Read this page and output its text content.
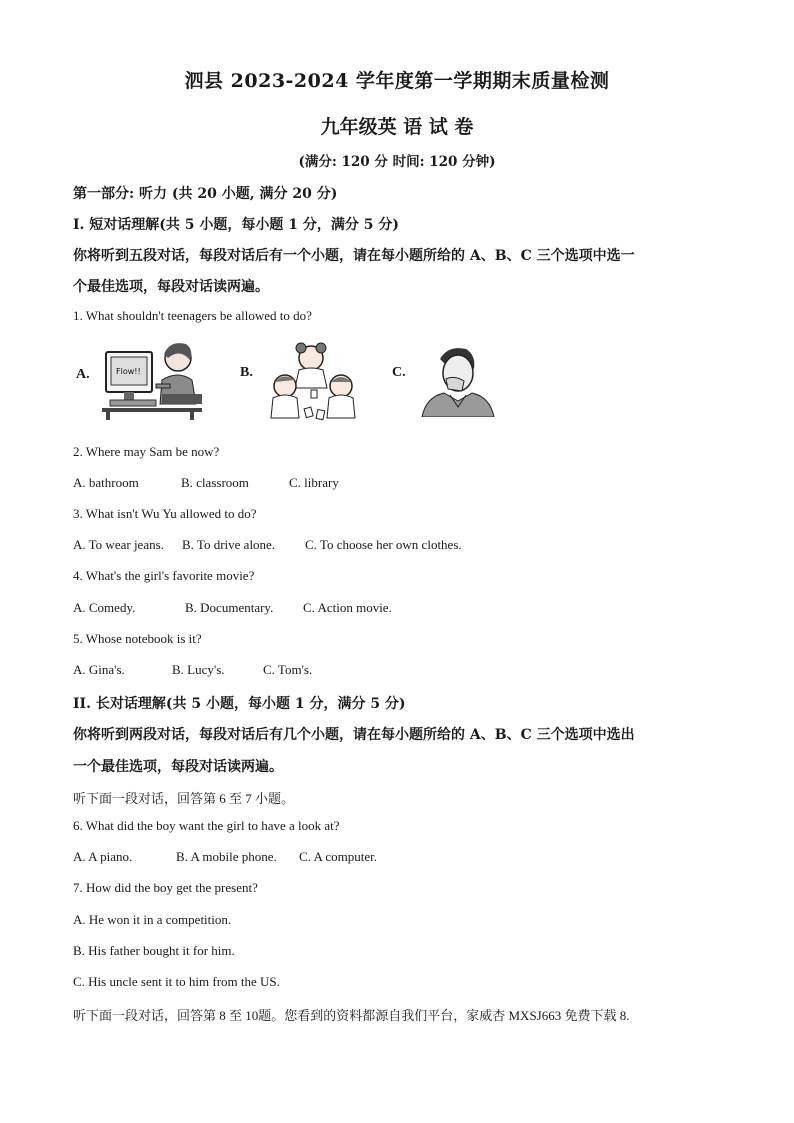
泗县 2023-2024 学年度第一学期期末质量检测
九年级英 语 试 卷
(满分: 120 分 时间: 120 分钟)
第一部分: 听力 (共 20 小题, 满分 20 分)
I. 短对话理解(共 5 小题，每小题 1 分，满分 5 分)
你将听到五段对话，每段对话后有一个小题，请在每小题所给的 A、B、C 三个选项中选一
个最佳选项，每段对话读两遍。
1. What shouldn't teenagers be allowed to do?
A.	Flow!!	B.	C.
2. Where may Sam be now?
A. bathroom	B. classroom	C. library
3. What isn't Wu Yu allowed to do?
A. To wear jeans. B. To drive alone. C. To choose her own clothes.
4. What's the girl's favorite movie?
A. Comedy.	B. Documentary. C. Action movie.
5. Whose notebook is it?
A. Gina's.	B. Lucy's.	C. Tom's.
II. 长对话理解(共 5 小题，每小题 1 分，满分 5 分)
你将听到两段对话，每段对话后有几个小题，请在每小题所给的 A、B、C 三个选项中选出
一个最佳选项，每段对话读两遍。
听下面一段对话，回答第 6 至 7 小题。
6. What did the boy want the girl to have a look at?
A. A piano.	B. A mobile phone. C. A computer.
7. How did the boy get the present?
A. He won it in a competition.
B. His father bought it for him.
C. His uncle sent it to him from the US.
听下面一段对话，回答第 8 至 10题。您看到的资料都源自我们平台，家威杏 MXSJ663 免费下载 8.
